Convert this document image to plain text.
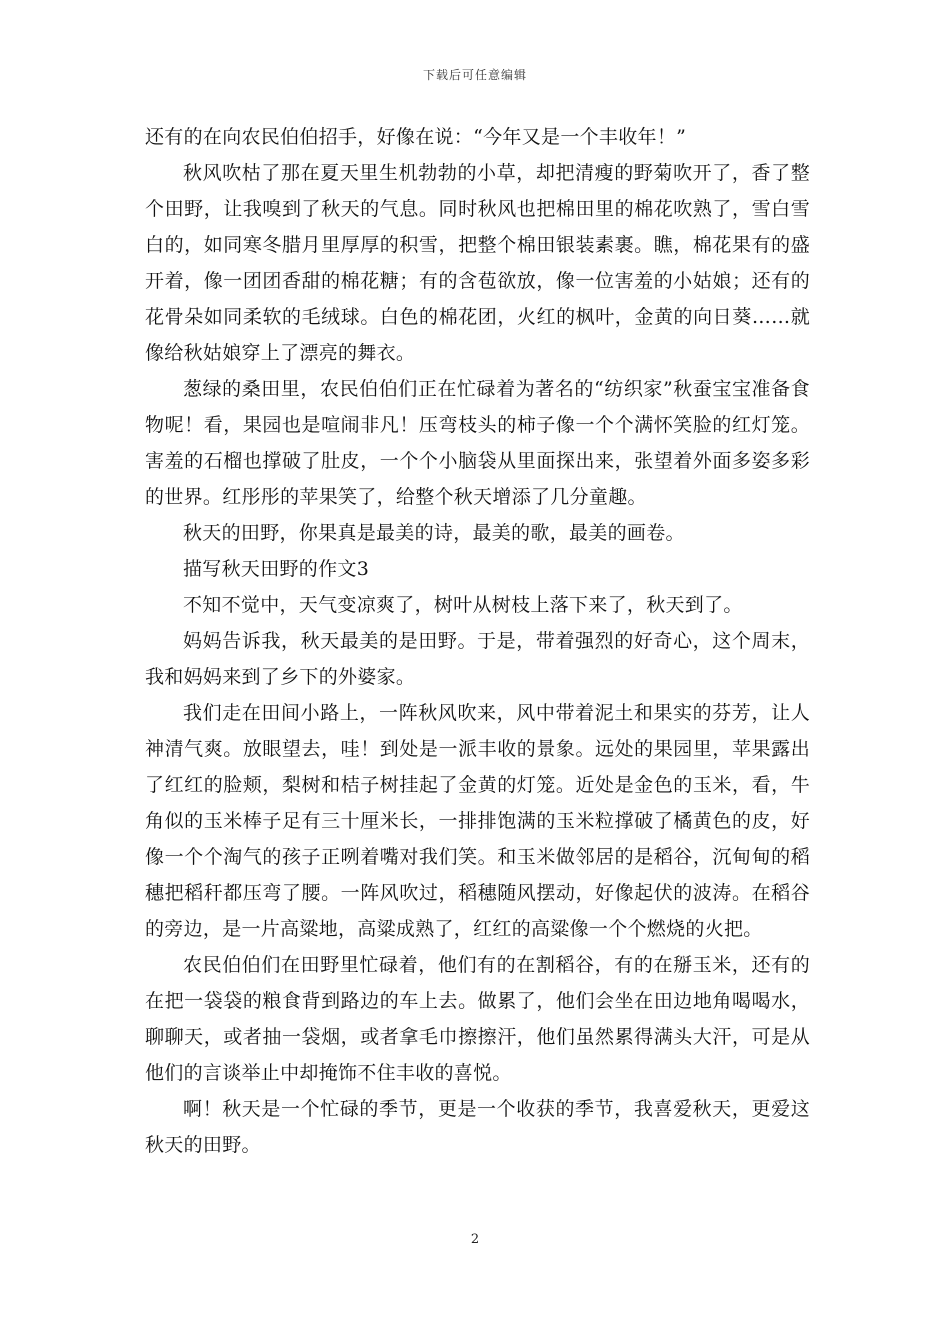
下载后可任意编辑

还有的在向农民伯伯招手，好像在说：“今年又是一个丰收年！”

秋风吹枯了那在夏天里生机勃勃的小草，却把清瘦的野菊吹开了，香了整个田野，让我嗅到了秋天的气息。同时秋风也把棉田里的棉花吹熟了，雪白雪白的，如同寒冬腊月里厚厚的积雪，把整个棉田银装素裹。瞧，棉花果有的盛开着，像一团团香甜的棉花糖；有的含苞欲放，像一位害羞的小姑娘；还有的花骨朵如同柔软的毛绒球。白色的棉花团，火红的枫叶，金黄的向日葵……就像给秋姑娘穿上了漂亮的舞衣。

葱绿的桑田里，农民伯伯们正在忙碌着为著名的“纺织家”秋蚕宝宝准备食物呢！看，果园也是喧闹非凡！压弯枝头的柿子像一个个满怀笑脸的红灯笼。害羞的石榴也撑破了肚皮，一个个小脑袋从里面探出来，张望着外面多姿多彩的世界。红彤彤的苹果笑了，给整个秋天增添了几分童趣。

秋天的田野，你果真是最美的诗，最美的歌，最美的画卷。

描写秋天田野的作文3

不知不觉中，天气变凉爽了，树叶从树枝上落下来了，秋天到了。

妈妈告诉我，秋天最美的是田野。于是，带着强烈的好奇心，这个周末，我和妈妈来到了乡下的外婆家。

我们走在田间小路上，一阵秋风吹来，风中带着泥土和果实的芬芳，让人神清气爽。放眼望去，哇！到处是一派丰收的景象。远处的果园里，苹果露出了红红的脸颊，梨树和桔子树挂起了金黄的灯笼。近处是金色的玉米，看，牛角似的玉米棒子足有三十厘米长，一排排饱满的玉米粒撑破了橘黄色的皮，好像一个个淘气的孩子正咧着嘴对我们笑。和玉米做邻居的是稻谷，沉甸甸的稻穗把稻秆都压弯了腰。一阵风吹过，稻穗随风摆动，好像起伏的波涛。在稻谷的旁边，是一片高粱地，高粱成熟了，红红的高粱像一个个燃烧的火把。

农民伯伯们在田野里忙碌着，他们有的在割稻谷，有的在掰玉米，还有的在把一袋袋的粮食背到路边的车上去。做累了，他们会坐在田边地角喝喝水，聊聊天，或者抽一袋烟，或者拿毛巾擦擦汗，他们虽然累得满头大汗，可是从他们的言谈举止中却掩饰不住丰收的喜悦。

啊！秋天是一个忙碌的季节，更是一个收获的季节，我喜爱秋天，更爱这秋天的田野。

2
